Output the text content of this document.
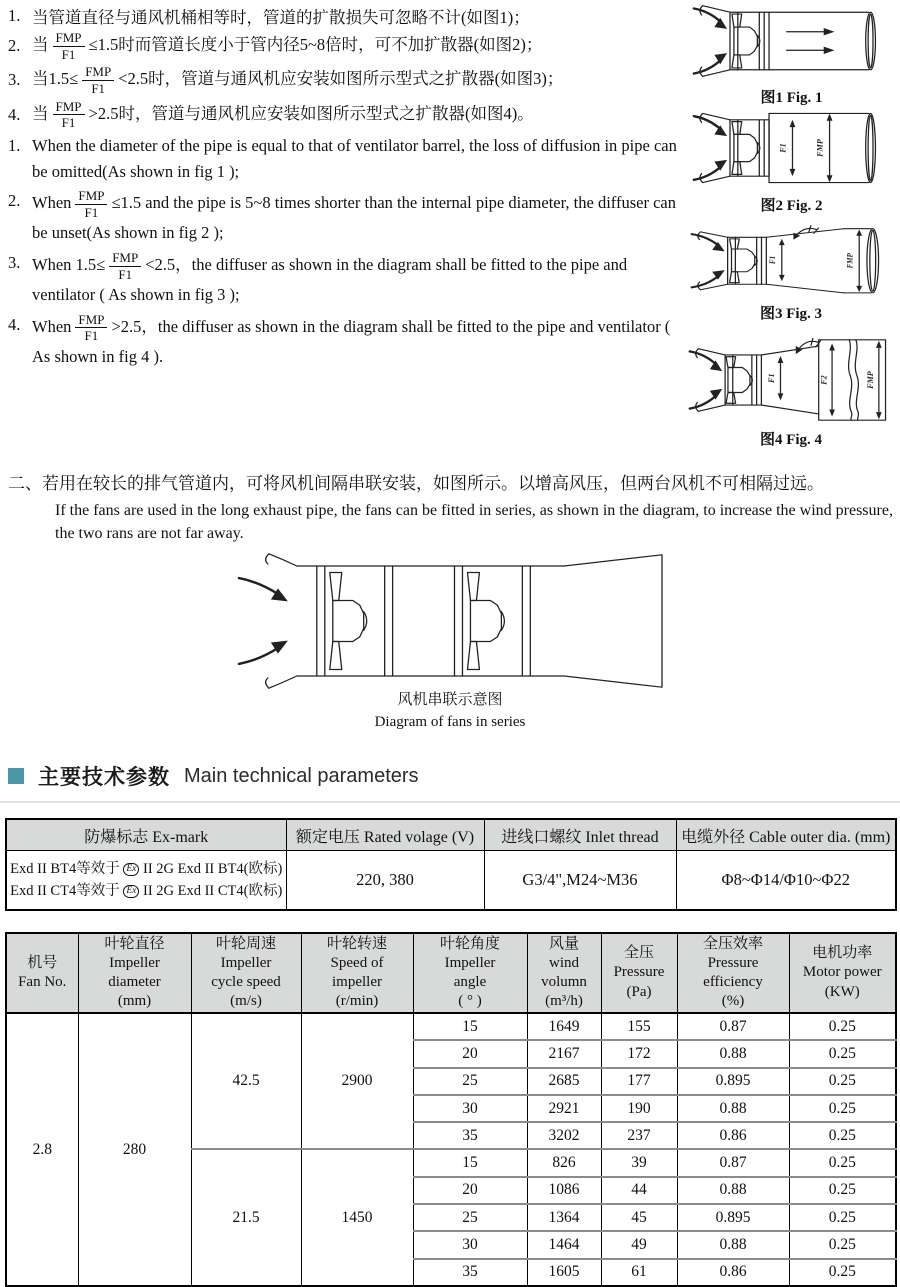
1. 当管道直径与通风机桶相等时，管道的扩散损失可忽略不计(如图1)；
2. 当 $\frac{\text{FMP}}{F1} \le 1.5$时而管道长度小于管内径5~8倍时，可不加扩散器(如图2)；
3. 当$1.5\le \frac{\text{FMP}}{F1} <2.5$时，管道与通风机应安装如图所示型式之扩散器(如图3)；
4. 当 $\frac{\text{FMP}}{F1} >2.5$时，管道与通风机应安装如图所示型式之扩散器(如图4)。
1. When the diameter of the pipe is equal to that of ventilator barrel, the loss of diffusion in pipe can be omitted(As shown in fig 1 );
2. When $\frac{\text{FMP}}{F1} \le 1.5$ and the pipe is 5~8 times shorter than the internal pipe diameter, the diffuser can be unset(As shown in fig 2 );
3. When $1.5\le \frac{\text{FMP}}{F1} <2.5$，the diffuser as shown in the diagram shall be fitted to the pipe and ventilator ( As shown in fig 3 );
4. When $\frac{\text{FMP}}{F1} >2.5$，the diffuser as shown in the diagram shall be fitted to the pipe and ventilator ( As shown in fig 4 ).
图1 Fig. 1
F1	FMP
图2 Fig. 2
F1	FMP
图3 Fig. 3
F1	F2	FMP
图4 Fig. 4
二、若用在较长的排气管道内，可将风机间隔串联安装，如图所示。以增高风压，但两台风机不可相隔过远。
If the fans are used in the long exhaust pipe, the fans can be fitted in series, as shown in the diagram, to increase the wind pressure, the two rans are not far away.
风机串联示意图
Diagram of fans in series
主要技术参数 Main technical parameters
防爆标志 Ex-mark	额定电压 Rated volage (V)	进线口螺纹 Inlet thread	电缆外径 Cable outer dia. (mm)

Exd II BT4等效于 Ex II 2G Exd II BT4(欧标)
Exd II CT4等效于 Ex II 2G Exd II CT4(欧标)	220, 380	G3/4",M24~M36	Φ8~Φ14/Φ10~Φ22
机号
Fan No.	叶轮直径
Impeller
diameter
(mm)	叶轮周速
Impeller
cycle speed
(m/s)	叶轮转速
Speed of
impeller
(r/min)	叶轮角度
Impeller
angle
( ° )	风量
wind volumn
(m³/h)	全压
Pressure
(Pa)	全压效率
Pressure
efficiency
(%)	电机功率
Motor power
(KW)

2.8	280	42.5	2900	15	1649	155	0.87	0.25
				20	2167	172	0.88	0.25
				25	2685	177	0.895	0.25
				30	2921	190	0.88	0.25
				35	3202	237	0.86	0.25
		21.5	1450	15	826	39	0.87	0.25
				20	1086	44	0.88	0.25
				25	1364	45	0.895	0.25
				30	1464	49	0.88	0.25
				35	1605	61	0.86	0.25
